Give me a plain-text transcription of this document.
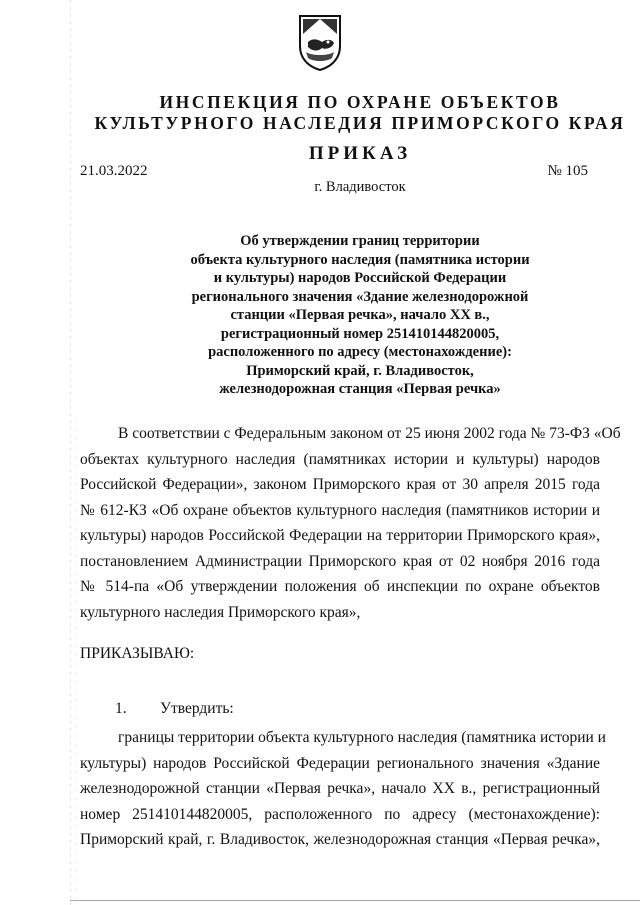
ИНСПЕКЦИЯ ПО ОХРАНЕ ОБЪЕКТОВ
КУЛЬТУРНОГО НАСЛЕДИЯ ПРИМОРСКОГО КРАЯ
ПРИКАЗ
21.03.2022	№ 105
г. Владивосток
Об утверждении границ территории
объекта культурного наследия (памятника истории
и культуры) народов Российской Федерации
регионального значения «Здание железнодорожной
станции «Первая речка», начало XX в.,
регистрационный номер 251410144820005,
расположенного по адресу (местонахождение):
Приморский край, г. Владивосток,
железнодорожная станция «Первая речка»
В соответствии с Федеральным законом от 25 июня 2002 года № 73-ФЗ «Об
объектах культурного наследия (памятниках истории и культуры) народов
Российской Федерации», законом Приморского края от 30 апреля 2015 года
№ 612-КЗ «Об охране объектов культурного наследия (памятников истории и
культуры) народов Российской Федерации на территории Приморского края»,
постановлением Администрации Приморского края от 02 ноября 2016 года
№ 514-па «Об утверждении положения об инспекции по охране объектов
культурного наследия Приморского края»,
ПРИКАЗЫВАЮ:
1. Утвердить:
границы территории объекта культурного наследия (памятника истории и
культуры) народов Российской Федерации регионального значения «Здание
железнодорожной станции «Первая речка», начало XX в., регистрационный
номер 251410144820005, расположенного по адресу (местонахождение):
Приморский край, г. Владивосток, железнодорожная станция «Первая речка»,
